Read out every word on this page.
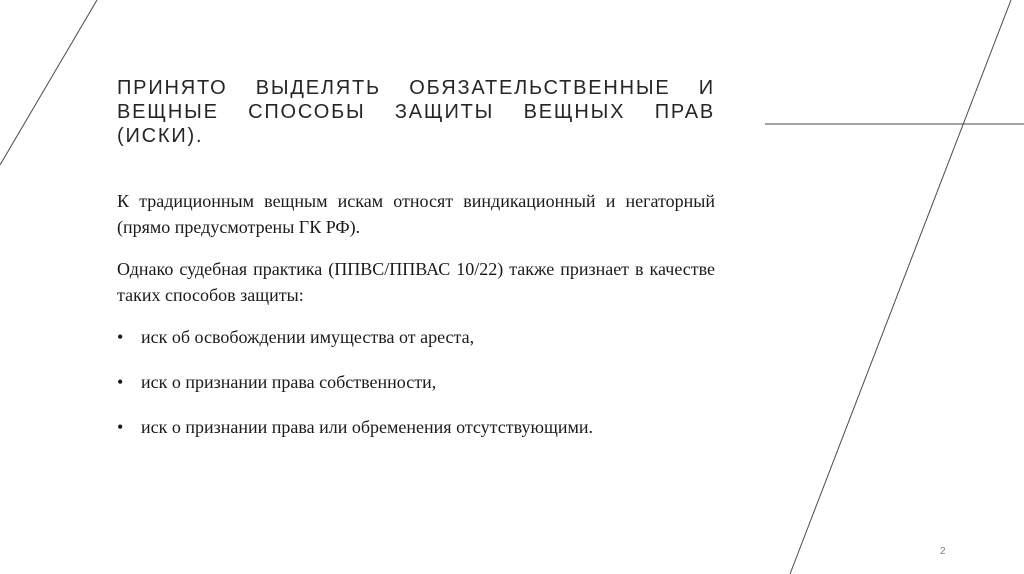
ПРИНЯТО ВЫДЕЛЯТЬ ОБЯЗАТЕЛЬСТВЕННЫЕ И ВЕЩНЫЕ СПОСОБЫ ЗАЩИТЫ ВЕЩНЫХ ПРАВ (ИСКИ).

К традиционным вещным искам относят виндикационный и негаторный (прямо предусмотрены ГК РФ).

Однако судебная практика (ППВС/ППВАС 10/22) также признает в качестве таких способов защиты:

• иск об освобождении имущества от ареста,
• иск о признании права собственности,
• иск о признании права или обременения отсутствующими.
2
